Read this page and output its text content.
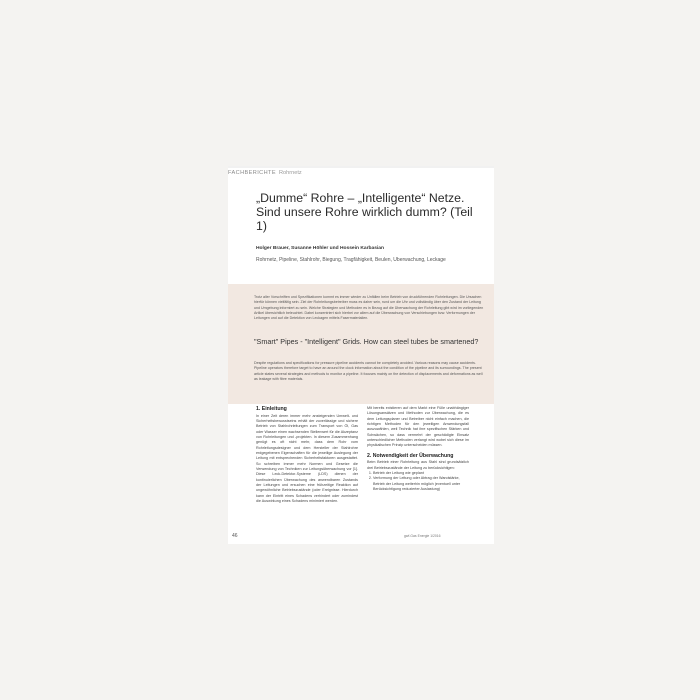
FACHBERICHTE Rohrnetz
„Dumme“ Rohre – „Intelligente“ Netze. Sind unsere Rohre wirklich dumm? (Teil 1)
Holger Brauer, Susanne Höhler und Hossein Karbasian
Rohrnetz, Pipeline, Stahlrohr, Biegung, Tragfähigkeit, Beulen, Überwachung, Leckage

Trotz aller Vorschriften und Spezifikationen kommt es immer wieder zu Unfällen beim Betrieb von druckführenden Rohrleitungen. Die Ursachen hierfür können vielfältig sein. Ziel der Rohrleitungsbetreiber muss es daher sein, rund um die Uhr und vollständig über den Zustand der Leitung und Umgebung informiert zu sein. Welche Strategien und Methoden es in Bezug auf die Überwachung der Rohrleitung gibt wird im vorliegenden Artikel übersichtlich beleuchtet. Dabei konzentriert sich hierbei vor allem auf die Überwachung von Verschiebungen bzw. Verformungen der Leitungen und auf die Detektion von Leckagen mittels Fasermaterialien.

"Smart" Pipes - "Intelligent" Grids. How can steel tubes be smartened?

Despite regulations and specifications for pressure pipeline accidents cannot be completely avoided. Various reasons may cause accidents. Pipeline operators therefore target to have an around the clock information about the condition of the pipeline and its surroundings. The present article states several strategies and methods to monitor a pipeline. It focuses mainly on the detection of displacements and deformations as well as leakage with fibre materials.

1. Einleitung

In einer Zeit deren immer mehr ansteigenden Umwelt- und Sicherheitsbewusstseins erhält der zuverlässige und sichere Betrieb von Stahlrohrleitungen zum Transport von Öl, Gas oder Wasser einen wachsenden Stellenwert für die Akzeptanz von Rohrleitungen und -projekten. In diesem Zusammenhang genügt es oft nicht mehr, dass dem Rohr vom Rohrleitungsdesigner und dem Hersteller der Stahlrohre erdgegebenen Eigenschaften für die jeweilige Auslegung der Leitung mit entsprechenden Sicherheitsfaktoren ausgestattet. So schreiben immer mehr Normen und Gesetze die Verwendung von Techniken zur Leitungsüberwachung vor [1]. Diese Leck-Detektor-Systeme (LDS) dienen der kontinuierlichen Überwachung des anwendbaren Zustands der Leitungen und ersuchen eine frühzeitige Reaktion auf ungewöhnliche Betriebszustände (oder Ereignisse. Hierdurch kann der Eintritt eines Schadens verhindert oder zumindest die Auswirkung eines Schadens minimiert werden.

Mit bereits existieren auf dem Markt eine Fülle unabhängiger Lösungsansätzen und Methoden zur Überwachung, die es dem Leitungsplaner und Betreiber nicht einfach machen, die richtigen Methoden für den jeweiligen Anwendungsfall auszuwählen, weil Technik hat ihre spezifischen Stärken und Schwächen, so dass vermehrt der geschädigte Einsatz unterschiedlicher Methoden verlangt wird wobei sich diese im physikalischen Prinzip unterscheiden müssen.

2. Notwendigkeit der Überwachung

Beim Betrieb einer Rohrleitung aus Stahl sind grundsätzlich drei Betriebszustände der Leitung zu berücksichtigen:

1. Betrieb der Leitung wie geplant
2. Verformung der Leitung oder Abtrag der Wandstärke, Betrieb der Leitung weiterhin möglich (eventuell unter Berücksichtigung reduzierter Auslastung)
46	gwf-Gas Energie 1/2016
